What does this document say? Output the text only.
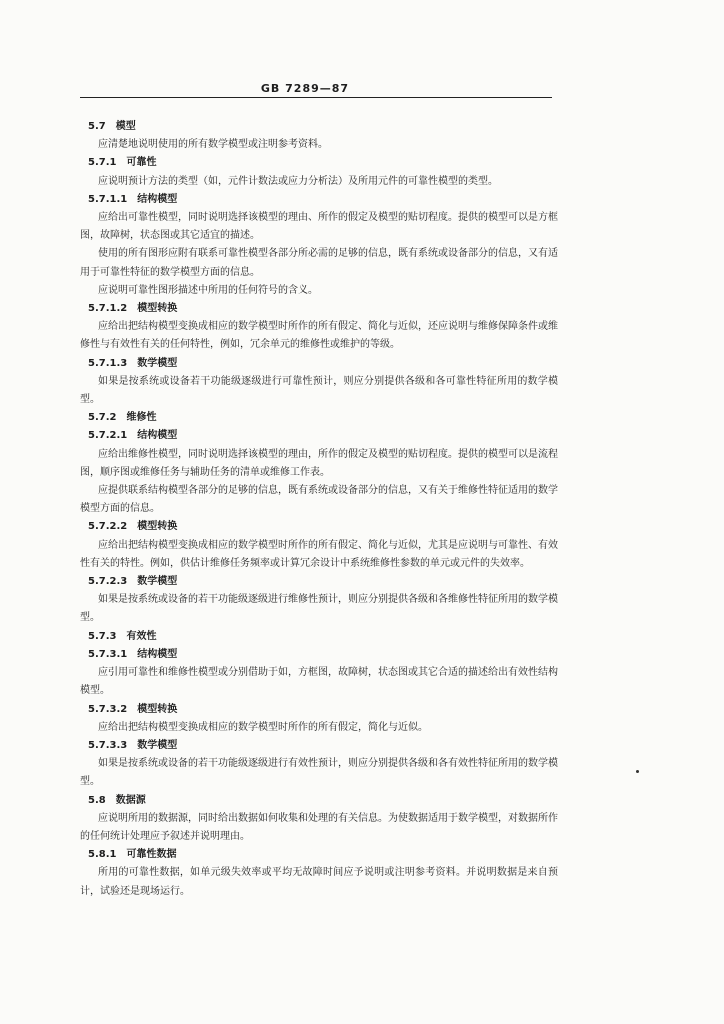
GB 7289—87
5.7 模型
应清楚地说明使用的所有数学模型或注明参考资料。
5.7.1 可靠性
应说明预计方法的类型（如，元件计数法或应力分析法）及所用元件的可靠性模型的类型。
5.7.1.1 结构模型
应给出可靠性模型，同时说明选择该模型的理由、所作的假定及模型的贴切程度。提供的模型可以是方框图，故障树，状态图或其它适宜的描述。
使用的所有图形应附有联系可靠性模型各部分所必需的足够的信息，既有系统或设备部分的信息，又有适用于可靠性特征的数学模型方面的信息。
应说明可靠性图形描述中所用的任何符号的含义。
5.7.1.2 模型转换
应给出把结构模型变换成相应的数学模型时所作的所有假定、简化与近似，还应说明与维修保障条件或维修性与有效性有关的任何特性，例如，冗余单元的维修性或维护的等级。
5.7.1.3 数学模型
如果是按系统或设备若干功能级逐级进行可靠性预计，则应分别提供各级和各可靠性特征所用的数学模型。
5.7.2 维修性
5.7.2.1 结构模型
应给出维修性模型，同时说明选择该模型的理由，所作的假定及模型的贴切程度。提供的模型可以是流程图，顺序图或维修任务与辅助任务的清单或维修工作表。
应提供联系结构模型各部分的足够的信息，既有系统或设备部分的信息，又有关于维修性特征适用的数学模型方面的信息。
5.7.2.2 模型转换
应给出把结构模型变换成相应的数学模型时所作的所有假定、简化与近似，尤其是应说明与可靠性、有效性有关的特性。例如，供估计维修任务频率或计算冗余设计中系统维修性参数的单元或元件的失效率。
5.7.2.3 数学模型
如果是按系统或设备的若干功能级逐级进行维修性预计，则应分别提供各级和各维修性特征所用的数学模型。
5.7.3 有效性
5.7.3.1 结构模型
应引用可靠性和维修性模型或分别借助于如，方框图，故障树，状态图或其它合适的描述给出有效性结构模型。
5.7.3.2 模型转换
应给出把结构模型变换成相应的数学模型时所作的所有假定，简化与近似。
5.7.3.3 数学模型
如果是按系统或设备的若干功能级逐级进行有效性预计，则应分别提供各级和各有效性特征所用的数学模型。
5.8 数据源
应说明所用的数据源，同时给出数据如何收集和处理的有关信息。为使数据适用于数学模型，对数据所作的任何统计处理应予叙述并说明理由。
5.8.1 可靠性数据
所用的可靠性数据，如单元级失效率或平均无故障时间应予说明或注明参考资料。并说明数据是来自预计，试验还是现场运行。
